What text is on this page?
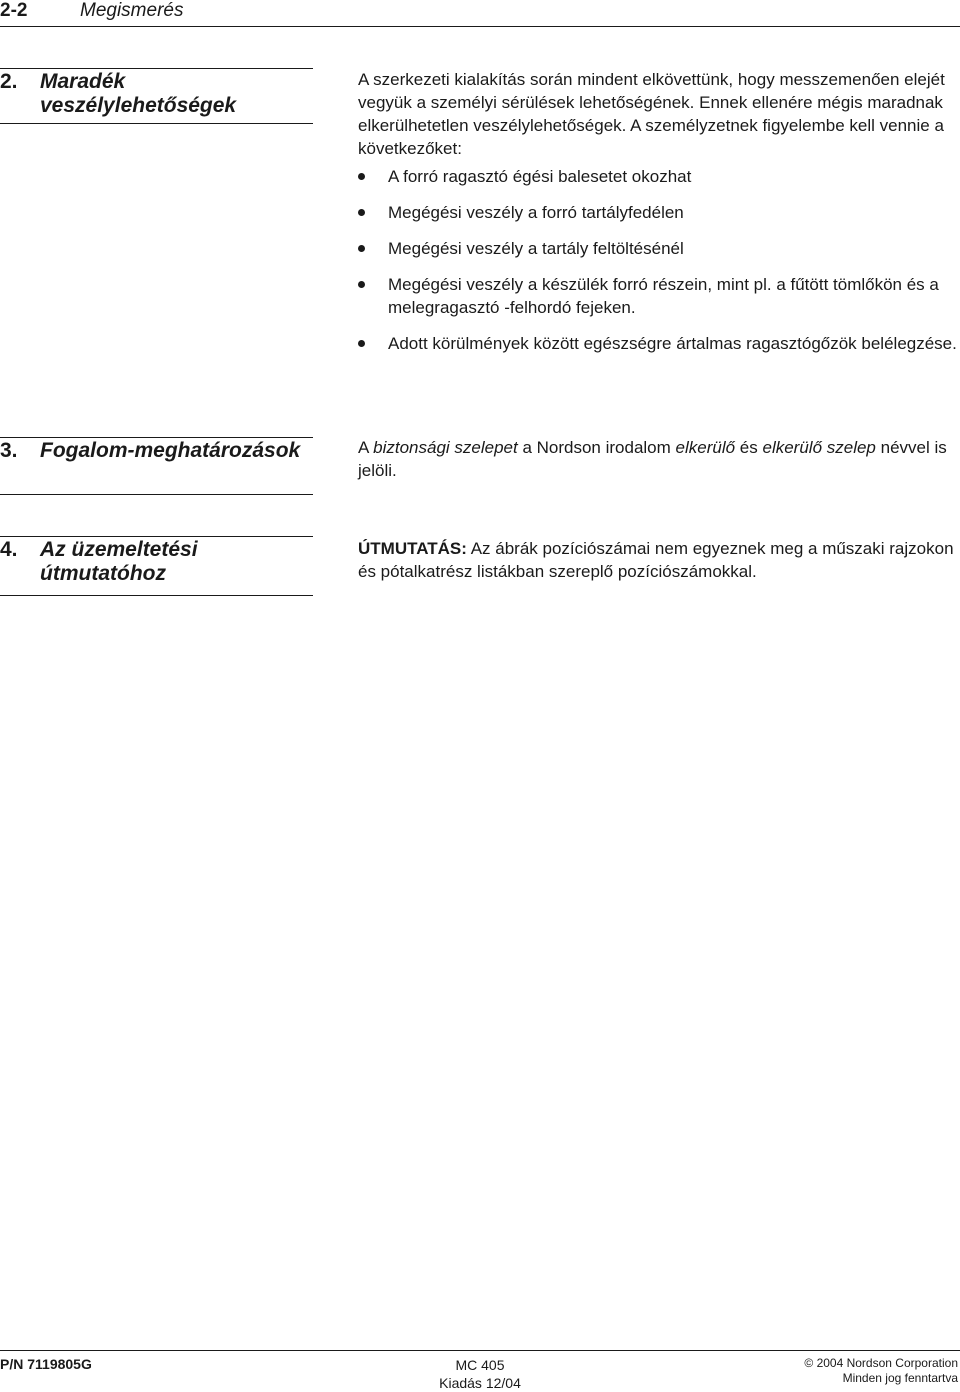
2-2	Megismerés
2. Maradék veszélylehetőségek
A szerkezeti kialakítás során mindent elkövettünk, hogy messzemenően elejét vegyük a személyi sérülések lehetőségének. Ennek ellenére mégis maradnak elkerülhetetlen veszélylehetőségek. A személyzetnek figyelembe kell vennie a következőket:
A forró ragasztó égési balesetet okozhat
Megégési veszély a forró tartályfedélen
Megégési veszély a tartály feltöltésénél
Megégési veszély a készülék forró részein, mint pl. a fűtött tömlőkön és a melegragasztó -felhordó fejeken.
Adott körülmények között egészségre ártalmas ragasztógőzök belélegzése.
3. Fogalom-meghatározások	A biztonsági szelepet a Nordson irodalom elkerülő és elkerülő szelep névvel is jelöli.
4. Az üzemeltetési útmutatóhoz
ÚTMUTATÁS: Az ábrák pozíciószámai nem egyeznek meg a műszaki rajzokon és pótalkatrész listákban szereplő pozíciószámokkal.
P/N 7119805G	MC 405
Kiadás 12/04
© 2004 Nordson Corporation
Minden jog fenntartva
